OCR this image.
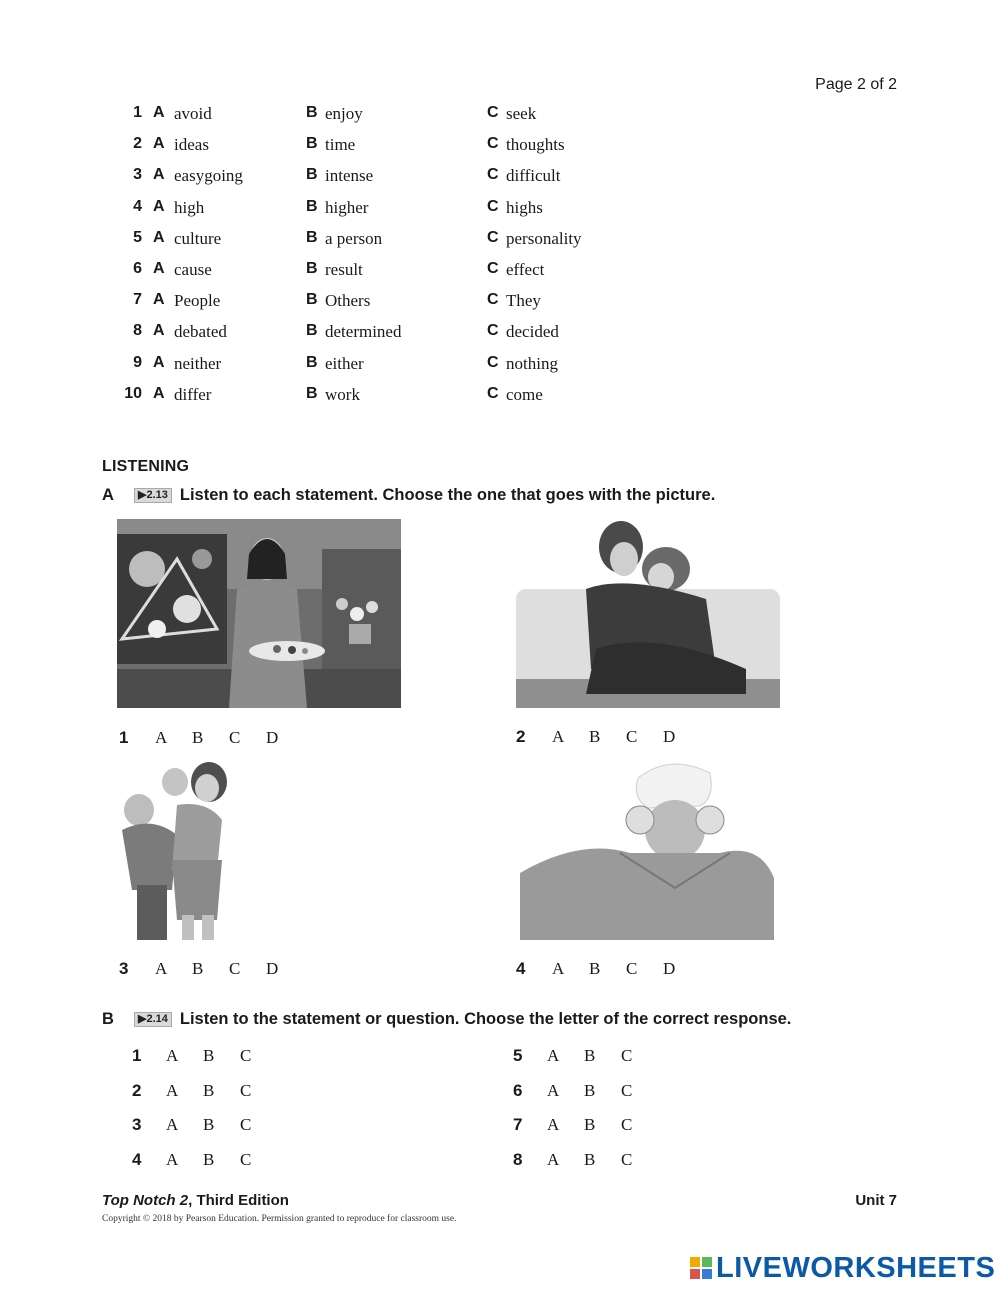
Page 2 of 2
1 A avoid	B enjoy	C seek
2 A ideas	B time	C thoughts
3 A easygoing	B intense	C difficult
4 A high	B higher	C highs
5 A culture	B a person	C personality
6 A cause	B result	C effect
7 A People	B Others	C They
8 A debated	B determined	C decided
9 A neither	B either	C nothing
10 A differ	B work	C come
LISTENING
A ▶2.13 Listen to each statement. Choose the one that goes with the picture.
1 A B C D	2 A B C D
3 A B C D	4 A B C D
B ▶2.14 Listen to the statement or question. Choose the letter of the correct response.
1 A B C
2 A B C
3 A B C
4 A B C
5 A B C
6 A B C
7 A B C
8 A B C
Top Notch 2, Third Edition	Unit 7
Copyright © 2018 by Pearson Education. Permission granted to reproduce for classroom use.
LIVEWORKSHEETS
